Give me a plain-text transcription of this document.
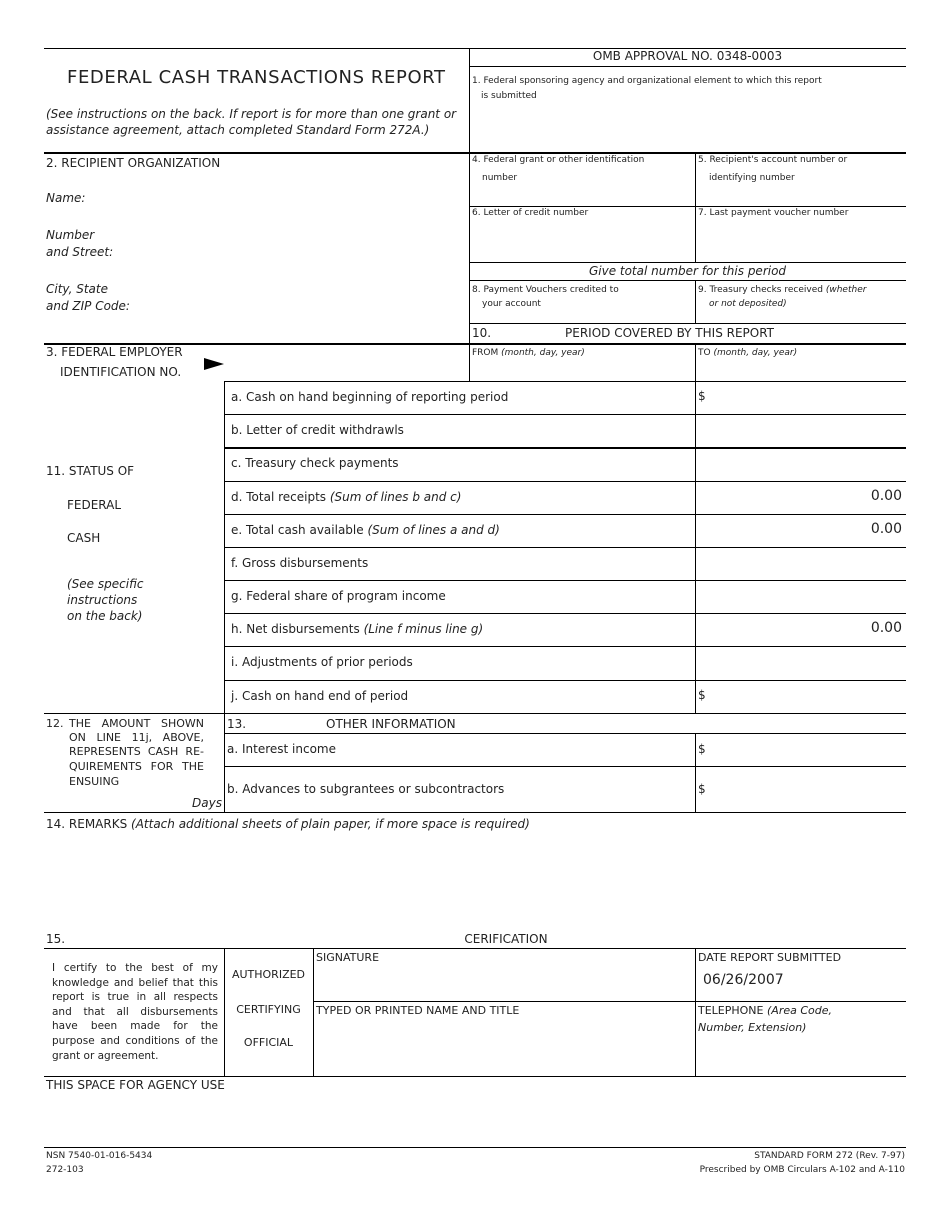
FEDERAL CASH TRANSACTIONS REPORT
(See instructions on the back. If report is for more than one grant or
assistance agreement, attach completed Standard Form 272A.)
OMB APPROVAL NO. 0348-0003
1. Federal sponsoring agency and organizational element to which this report
is submitted
2. RECIPIENT ORGANIZATION
Name:
Number
and Street:
City, State
and ZIP Code:
4. Federal grant or other identification
number
5. Recipient's account number or
identifying number
6. Letter of credit number	7. Last payment voucher number
Give total number for this period
8. Payment Vouchers credited to
your account
9. Treasury checks received (whether
or not deposited)
10.	PERIOD COVERED BY THIS REPORT
FROM (month, day, year)	TO (month, day, year)
3. FEDERAL EMPLOYER
IDENTIFICATION NO.
11. STATUS OF
FEDERAL
CASH
(See specific
instructions
on the back)
a. Cash on hand beginning of reporting period	$
b. Letter of credit withdrawls
c. Treasury check payments
d. Total receipts (Sum of lines b and c)	0.00
e. Total cash available (Sum of lines a and d)	0.00
f. Gross disbursements
g. Federal share of program income
h. Net disbursements (Line f minus line g)	0.00
i. Adjustments of prior periods
j. Cash on hand end of period	$
12. THE AMOUNT SHOWN
ON LINE 11j, ABOVE,
REPRESENTS CASH RE-
QUIREMENTS FOR THE
ENSUING
Days
13.	OTHER INFORMATION
a. Interest income	$
b. Advances to subgrantees or subcontractors	$
14. REMARKS (Attach additional sheets of plain paper, if more space is required)
15.	CERIFICATION
I certify to the best of my knowledge and belief that this report is true in all respects and that all disbursements have been made for the purpose and conditions of the grant or agreement.
AUTHORIZED
CERTIFYING
OFFICIAL
SIGNATURE	DATE REPORT SUBMITTED
06/26/2007
TYPED OR PRINTED NAME AND TITLE	TELEPHONE (Area Code,
Number, Extension)
THIS SPACE FOR AGENCY USE
NSN 7540-01-016-5434
272-103
STANDARD FORM 272 (Rev. 7-97)
Prescribed by OMB Circulars A-102 and A-110
